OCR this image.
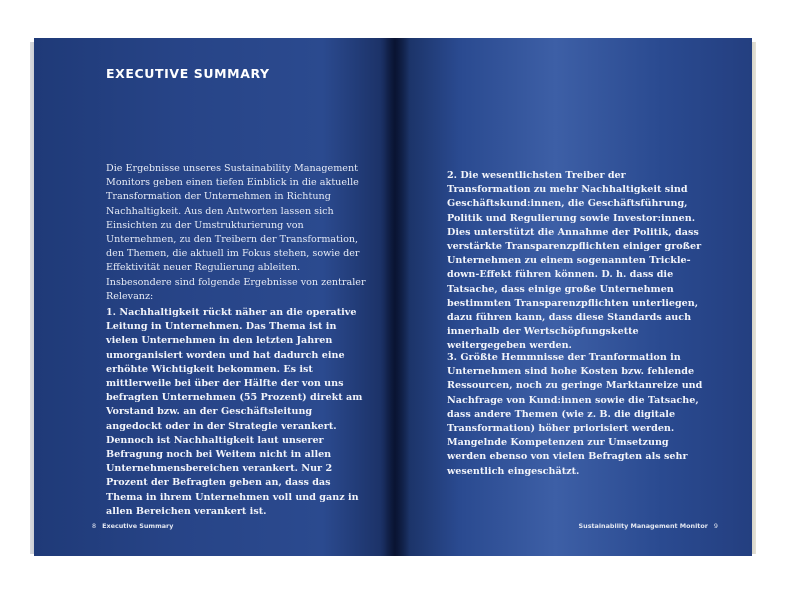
EXECUTIVE SUMMARY
Die Ergebnisse unseres Sustainability Management Monitors geben einen tiefen Einblick in die aktuelle Transformation der Unternehmen in Richtung Nachhaltigkeit. Aus den Antworten lassen sich Einsichten zu der Umstrukturierung von Unternehmen, zu den Treibern der Transformation, den Themen, die aktuell im Fokus stehen, sowie der Effektivität neuer Regulierung ableiten. Insbesondere sind folgende Ergebnisse von zentraler Relevanz:
1. Nachhaltigkeit rückt näher an die operative Leitung in Unternehmen. Das Thema ist in vielen Unternehmen in den letzten Jahren umorganisiert worden und hat dadurch eine erhöhte Wichtigkeit bekommen. Es ist mittlerweile bei über der Hälfte der von uns befragten Unternehmen (55 Prozent) direkt am Vorstand bzw. an der Geschäftsleitung angedockt oder in der Strategie verankert. Dennoch ist Nachhaltigkeit laut unserer Befragung noch bei Weitem nicht in allen Unternehmensbereichen verankert. Nur 2 Prozent der Befragten geben an, dass das Thema in ihrem Unternehmen voll und ganz in allen Bereichen verankert ist.
8 Executive Summary
2. Die wesentlichsten Treiber der Transformation zu mehr Nachhaltigkeit sind Geschäftskund:innen, die Geschäftsführung, Politik und Regulierung sowie Investor:innen. Dies unterstützt die Annahme der Politik, dass verstärkte Transparenzpflichten einiger großer Unternehmen zu einem sogenannten Trickle-down-Effekt führen können. D. h. dass die Tatsache, dass einige große Unternehmen bestimmten Transparenzpflichten unterliegen, dazu führen kann, dass diese Standards auch innerhalb der Wertschöpfungskette weitergegeben werden.
3. Größte Hemmnisse der Tranformation in Unternehmen sind hohe Kosten bzw. fehlende Ressourcen, noch zu geringe Marktanreize und Nachfrage von Kund:innen sowie die Tatsache, dass andere Themen (wie z. B. die digitale Transformation) höher priorisiert werden. Mangelnde Kompetenzen zur Umsetzung werden ebenso von vielen Befragten als sehr wesentlich eingeschätzt.
Sustainability Management Monitor 9
